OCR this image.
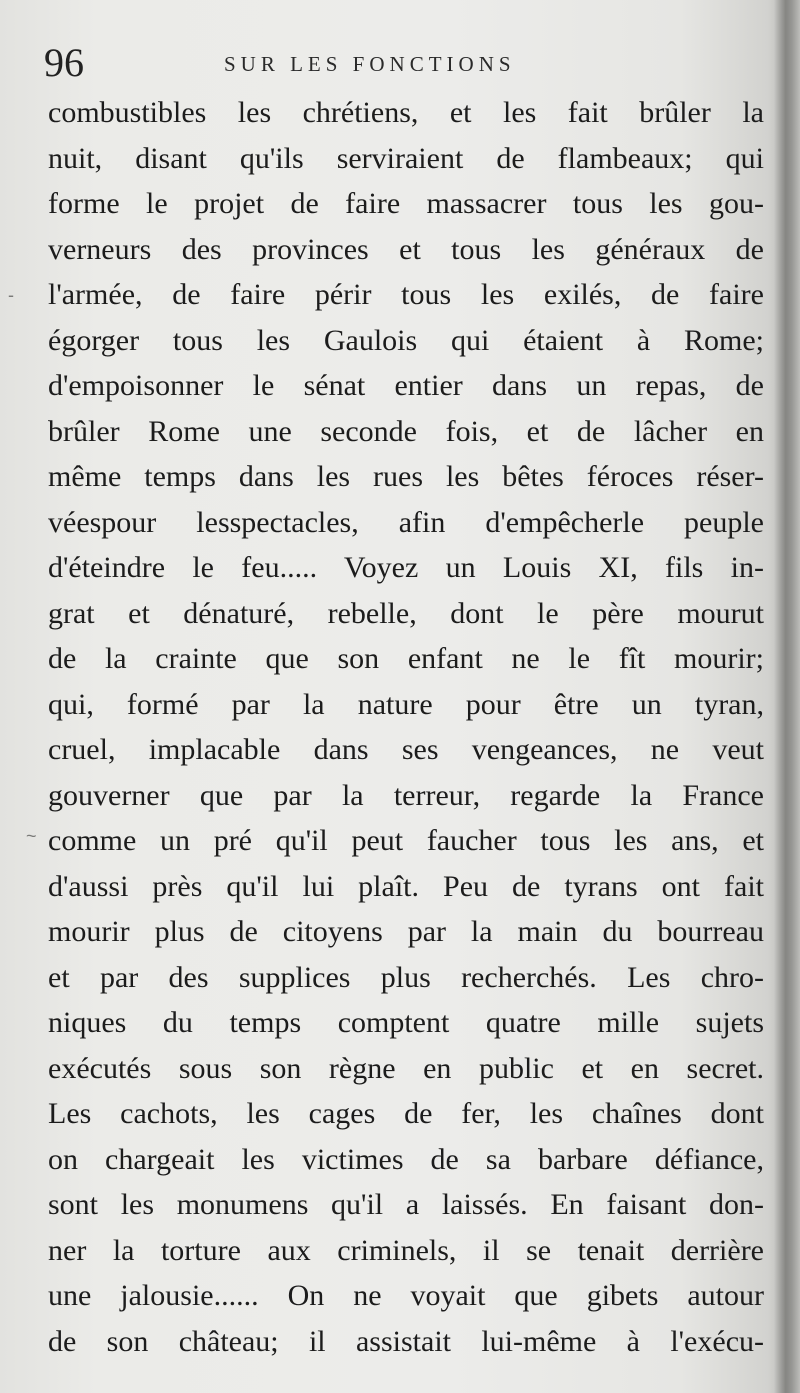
-
~
96	SUR LES FONCTIONS
combustibles les chrétiens, et les fait brûler la
nuit, disant qu'ils serviraient de flambeaux; qui
forme le projet de faire massacrer tous les gou-
verneurs des provinces et tous les généraux de
l'armée, de faire périr tous les exilés, de faire
égorger tous les Gaulois qui étaient à Rome;
d'empoisonner le sénat entier dans un repas, de
brûler Rome une seconde fois, et de lâcher en
même temps dans les rues les bêtes féroces réser-
véespour lesspectacles, afin d'empêcherle peuple
d'éteindre le feu..... Voyez un Louis XI, fils in-
grat et dénaturé, rebelle, dont le père mourut
de la crainte que son enfant ne le fît mourir;
qui, formé par la nature pour être un tyran,
cruel, implacable dans ses vengeances, ne veut
gouverner que par la terreur, regarde la France
comme un pré qu'il peut faucher tous les ans, et
d'aussi près qu'il lui plaît. Peu de tyrans ont fait
mourir plus de citoyens par la main du bourreau
et par des supplices plus recherchés. Les chro-
niques du temps comptent quatre mille sujets
exécutés sous son règne en public et en secret.
Les cachots, les cages de fer, les chaînes dont
on chargeait les victimes de sa barbare défiance,
sont les monumens qu'il a laissés. En faisant don-
ner la torture aux criminels, il se tenait derrière
une jalousie...... On ne voyait que gibets autour
de son château; il assistait lui-même à l'exécu-
